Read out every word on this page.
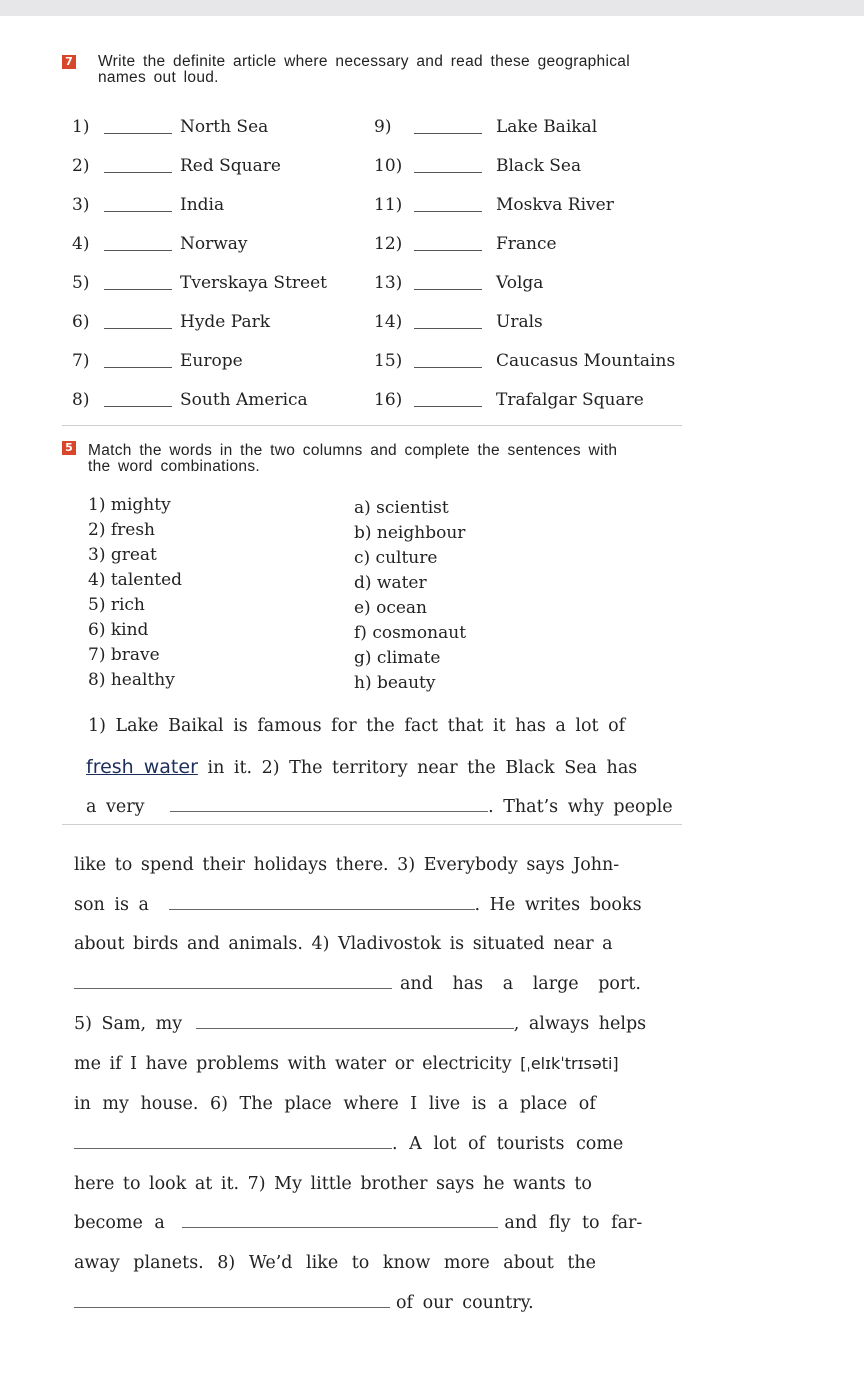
7 Write the definite article where necessary and read these geographical
names out loud.
1)	North Sea
2)	Red Square
3)	India
4)	Norway
5)	Tverskaya Street
6)	Hyde Park
7)	Europe
8)	South America
9)	Lake Baikal
10)	Black Sea
11)	Moskva River
12)	France
13)	Volga
14)	Urals
15)	Caucasus Mountains
16)	Trafalgar Square
5 Match the words in the two columns and complete the sentences with
the word combinations.
1) mighty
2) fresh
3) great
4) talented
5) rich
6) kind
7) brave
8) healthy
a) scientist
b) neighbour
c) culture
d) water
e) ocean
f) cosmonaut
g) climate
h) beauty
1) Lake Baikal is famous for the fact that it has a lot of
fresh water in it. 2) The territory near the Black Sea has
a very	. That’s why people
like to spend their holidays there. 3) Everybody says John-
son is a	. He writes books
about birds and animals. 4) Vladivostok is situated near a
and has a large port.
5) Sam, my	, always helps
me if I have problems with water or electricity [ˌelɪkˈtrɪsəti]
in my house. 6) The place where I live is a place of
. A lot of tourists come
here to look at it. 7) My little brother says he wants to
become a	and fly to far-
away planets. 8) We’d like to know more about the
of our country.
